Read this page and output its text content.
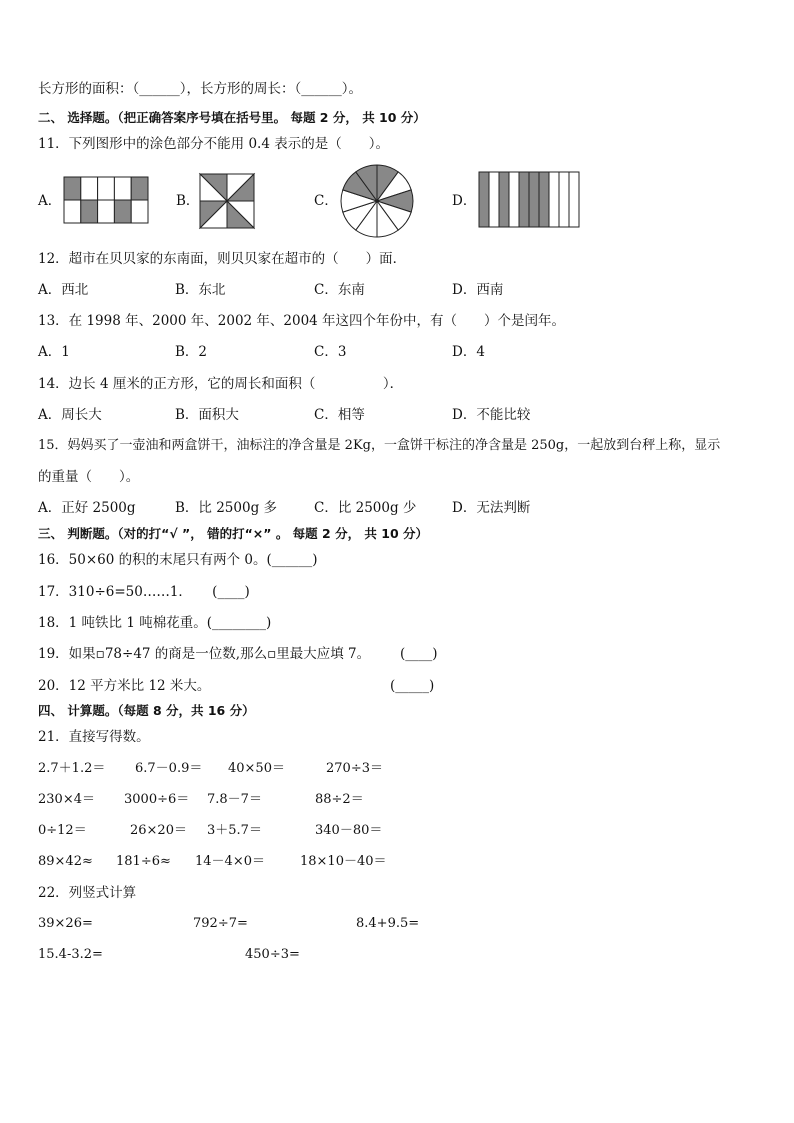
长方形的面积：（______），长方形的周长：（______）。
二、 选择题。（把正确答案序号填在括号里。 每题 2 分， 共 10 分）
11．下列图形中的涂色部分不能用 0.4 表示的是（　　）。
A．	B．	C．	D．
12．超市在贝贝家的东南面，则贝贝家在超市的（　　）面．
A．西北	B．东北	C．东南	D．西南
13．在 1998 年、2000 年、2002 年、2004 年这四个年份中，有（　　）个是闰年。
A．1	B．2	C．3	D．4
14．边长 4 厘米的正方形，它的周长和面积（　　　　　）．
A．周长大	B．面积大	C．相等	D．不能比较
15．妈妈买了一壶油和两盒饼干，油标注的净含量是 2Kg，一盒饼干标注的净含量是 250g，一起放到台秤上称，显示
的重量（　　）。
A．正好 2500g	B．比 2500g 多	C．比 2500g 少	D．无法判断
三、 判断题。（对的打“√ ”， 错的打“×” 。 每题 2 分， 共 10 分）
16．50×60 的积的末尾只有两个 0。(______)
17．310÷6=50……1．　　(____)
18．1 吨铁比 1 吨棉花重。(________)
19．如果▫78÷47 的商是一位数,那么▫里最大应填 7。 (____)
20．12 平方米比 12 米大。	(_____)
四、 计算题。（每题 8 分，共 16 分）
21．直接写得数。
2.7＋1.2＝ 6.7－0.9＝ 40×50＝	270÷3＝
230×4＝ 3000÷6＝ 7.8－7＝	88÷2＝
0÷12＝	26×20＝ 3＋5.7＝	340－80＝
89×42≈ 181÷6≈ 14－4×0＝	18×10－40＝
22．列竖式计算
39×26=	792÷7=	8.4+9.5=
15.4-3.2=	450÷3=
